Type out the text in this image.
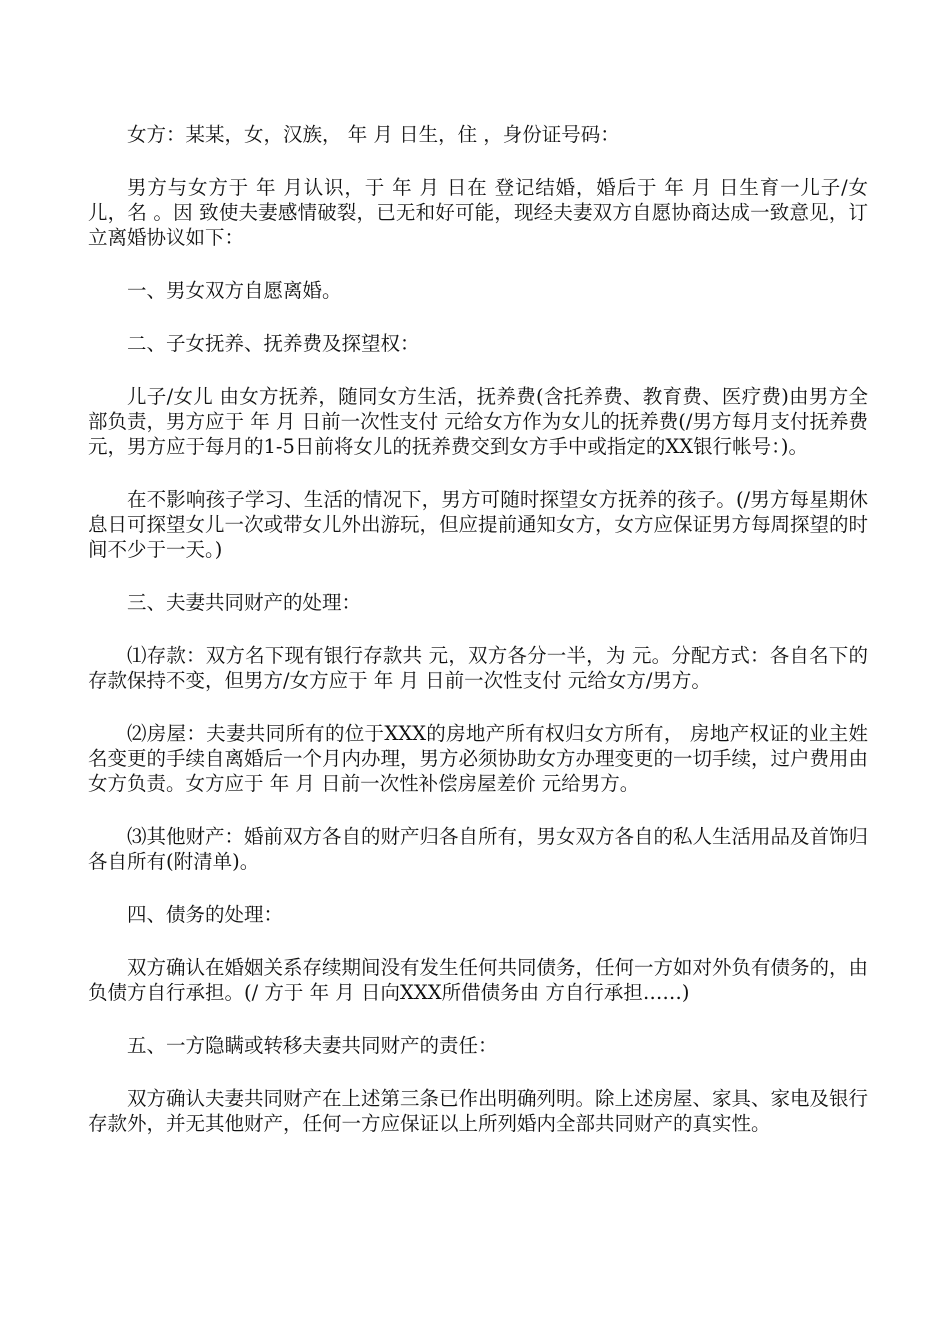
女方：某某，女，汉族， 年 月 日生，住 ，身份证号码：

男方与女方于 年 月认识，于 年 月 日在 登记结婚，婚后于 年 月 日生育一儿子/女儿，名 。因 致使夫妻感情破裂，已无和好可能，现经夫妻双方自愿协商达成一致意见，订立离婚协议如下：

一、男女双方自愿离婚。

二、子女抚养、抚养费及探望权：

儿子/女儿 由女方抚养，随同女方生活，抚养费(含托养费、教育费、医疗费)由男方全部负责，男方应于 年 月 日前一次性支付 元给女方作为女儿的抚养费(/男方每月支付抚养费 元，男方应于每月的1-5日前将女儿的抚养费交到女方手中或指定的XX银行帐号：)。

在不影响孩子学习、生活的情况下，男方可随时探望女方抚养的孩子。(/男方每星期休息日可探望女儿一次或带女儿外出游玩，但应提前通知女方，女方应保证男方每周探望的时间不少于一天。)

三、夫妻共同财产的处理：

⑴存款：双方名下现有银行存款共 元，双方各分一半，为 元。分配方式：各自名下的存款保持不变，但男方/女方应于 年 月 日前一次性支付 元给女方/男方。

⑵房屋：夫妻共同所有的位于XXX的房地产所有权归女方所有， 房地产权证的业主姓名变更的手续自离婚后一个月内办理，男方必须协助女方办理变更的一切手续，过户费用由女方负责。女方应于 年 月 日前一次性补偿房屋差价 元给男方。

⑶其他财产：婚前双方各自的财产归各自所有，男女双方各自的私人生活用品及首饰归各自所有(附清单)。

四、债务的处理：

双方确认在婚姻关系存续期间没有发生任何共同债务，任何一方如对外负有债务的，由负债方自行承担。(/ 方于 年 月 日向XXX所借债务由 方自行承担……)

五、一方隐瞒或转移夫妻共同财产的责任：

双方确认夫妻共同财产在上述第三条已作出明确列明。除上述房屋、家具、家电及银行存款外，并无其他财产，任何一方应保证以上所列婚内全部共同财产的真实性。
